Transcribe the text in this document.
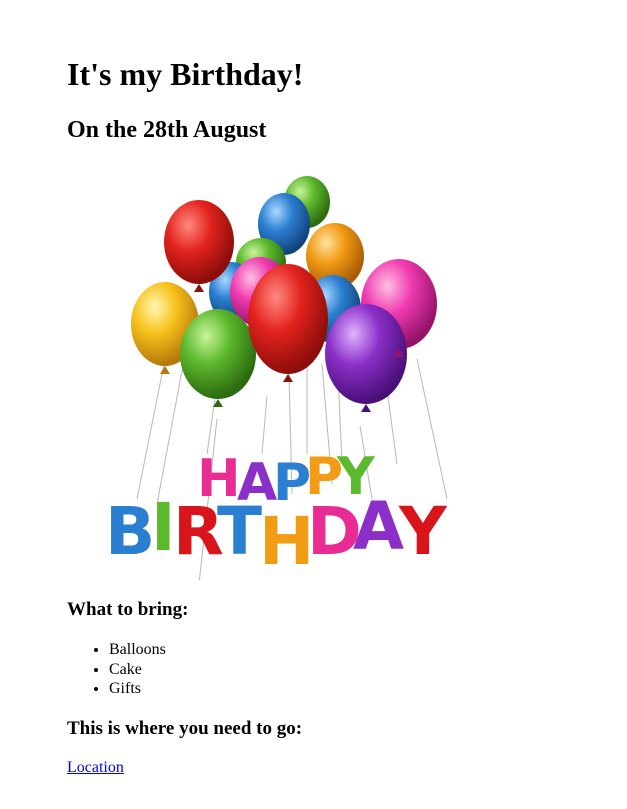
It's my Birthday!
On the 28th August
H
A
P
P
Y
B
I
R
T
H
D
A
Y
What to bring:
• Balloons
• Cake
• Gifts
This is where you need to go:
Location
